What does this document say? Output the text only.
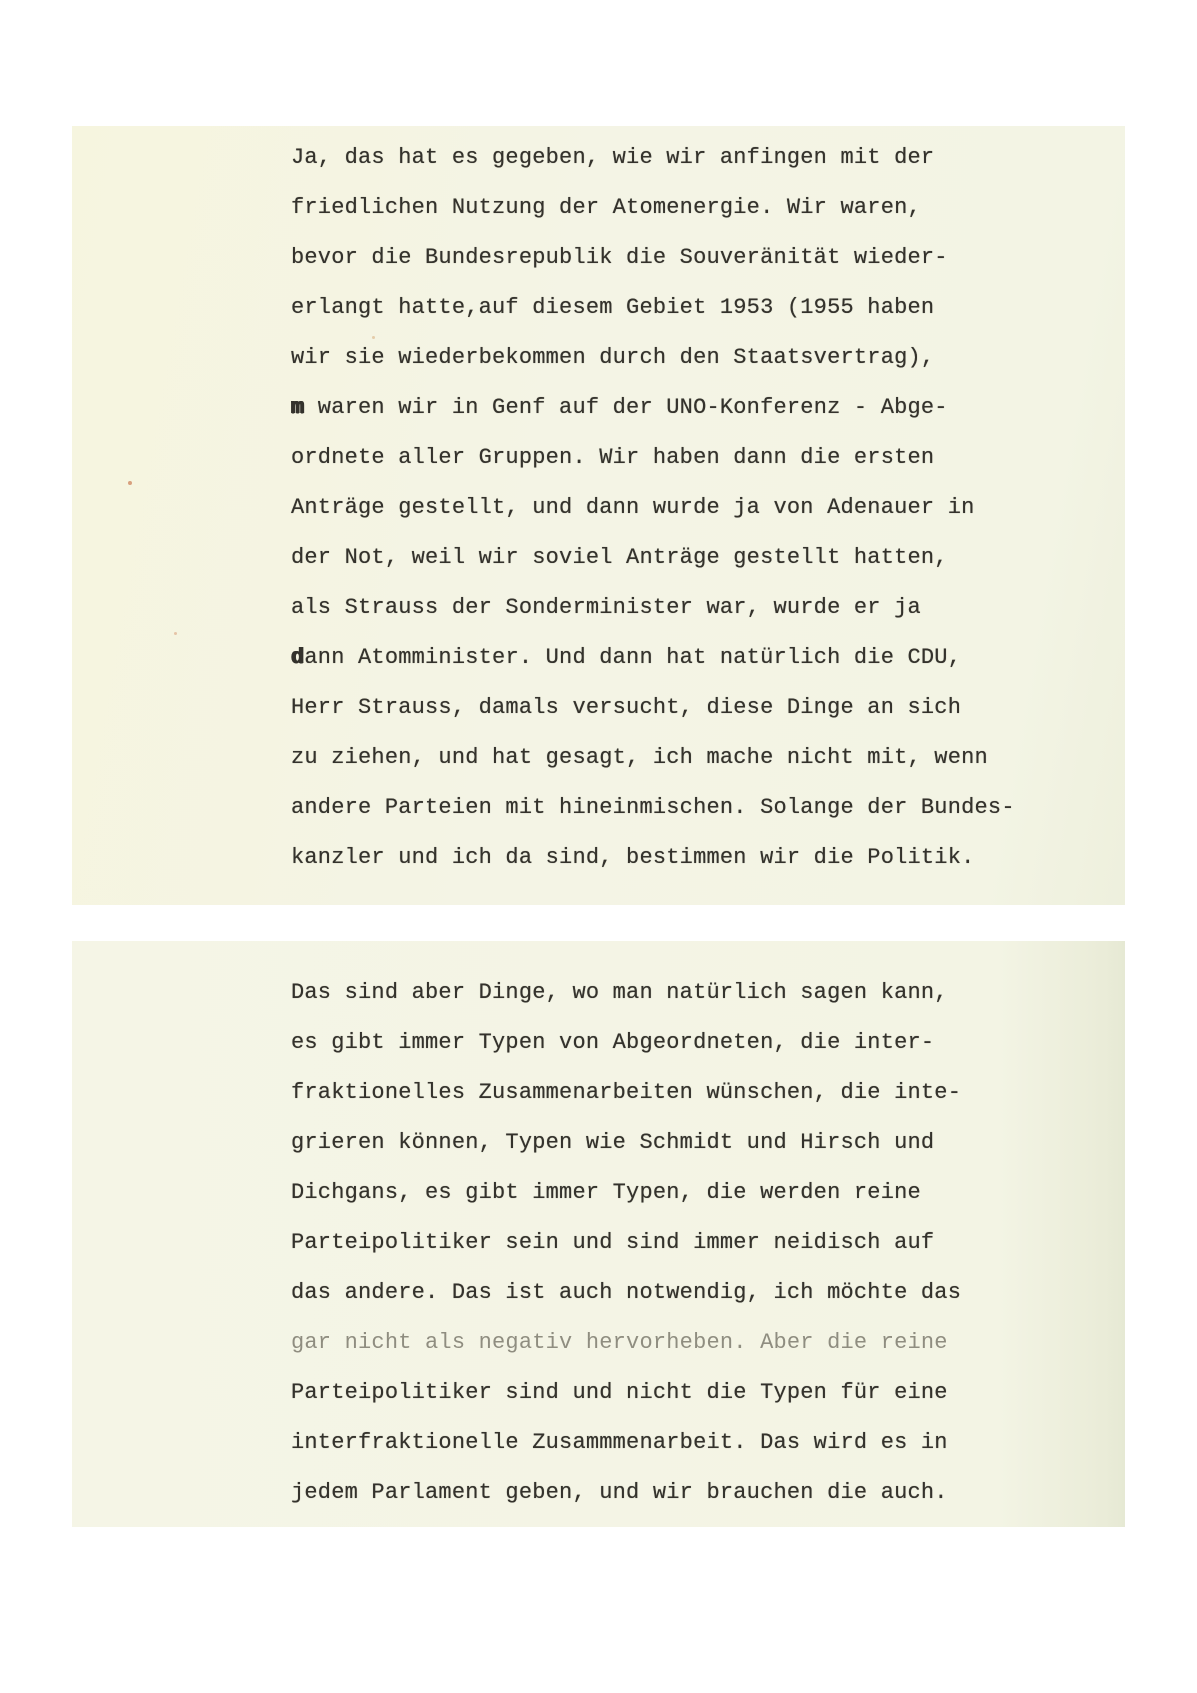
Ja, das hat es gegeben, wie wir anfingen mit der
friedlichen Nutzung der Atomenergie. Wir waren,
bevor die Bundesrepublik die Souveränität wieder-
erlangt hatte,auf diesem Gebiet 1953 (1955 haben
wir sie wiederbekommen durch den Staatsvertrag),
m waren wir in Genf auf der UNO-Konferenz - Abge-
ordnete aller Gruppen. Wir haben dann die ersten
Anträge gestellt, und dann wurde ja von Adenauer in
der Not, weil wir soviel Anträge gestellt hatten,
als Strauss der Sonderminister war, wurde er ja
dann Atomminister. Und dann hat natürlich die CDU,
Herr Strauss, damals versucht, diese Dinge an sich
zu ziehen, und hat gesagt, ich mache nicht mit, wenn
andere Parteien mit hineinmischen. Solange der Bundes-
kanzler und ich da sind, bestimmen wir die Politik.
Das sind aber Dinge, wo man natürlich sagen kann,
es gibt immer Typen von Abgeordneten, die inter-
fraktionelles Zusammenarbeiten wünschen, die inte-
grieren können, Typen wie Schmidt und Hirsch und
Dichgans, es gibt immer Typen, die werden reine
Parteipolitiker sein und sind immer neidisch auf
das andere. Das ist auch notwendig, ich möchte das
gar nicht als negativ hervorheben. Aber die reine
Parteipolitiker sind und nicht die Typen für eine
interfraktionelle Zusammmenarbeit. Das wird es in
jedem Parlament geben, und wir brauchen die auch.
